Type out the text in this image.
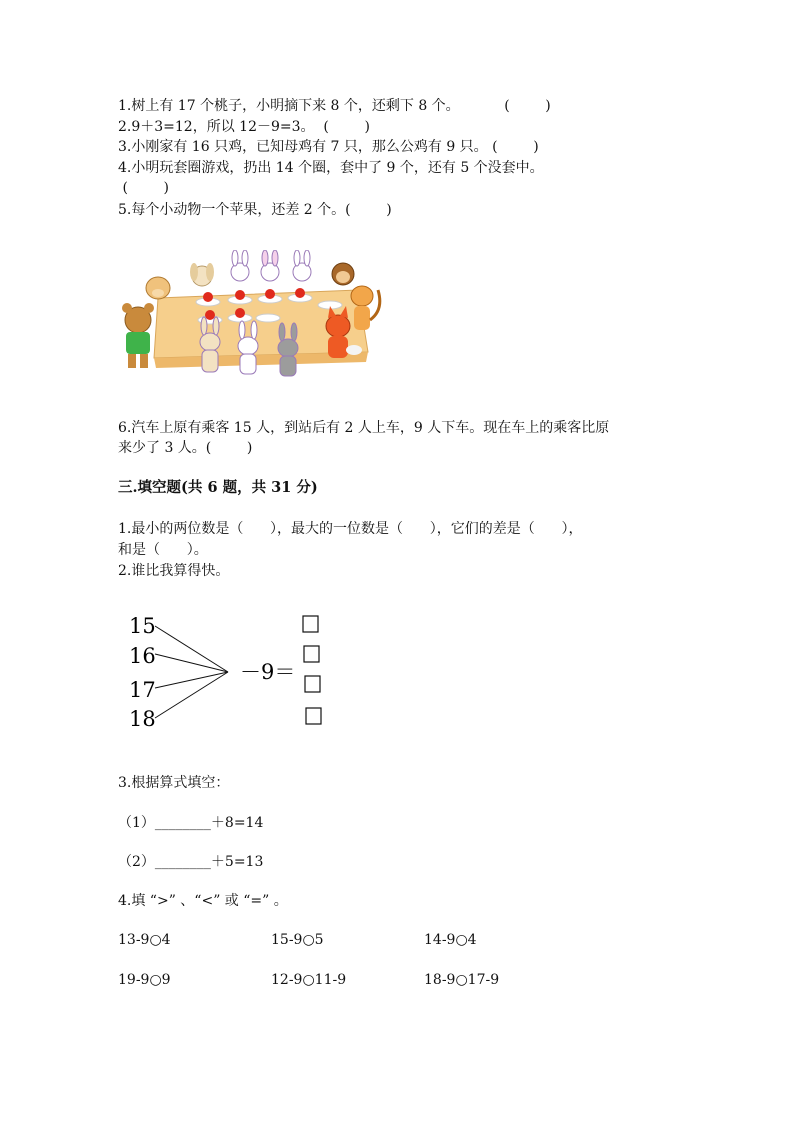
1.树上有 17 个桃子，小明摘下来 8 个，还剩下 8 个。          (        )
2.9＋3=12，所以 12－9=3。  (        )
3.小刚家有 16 只鸡，已知母鸡有 7 只，那么公鸡有 9 只。 (        )
4.小明玩套圈游戏，扔出 14 个圈，套中了 9 个，还有 5 个没套中。
(        )
5.每个小动物一个苹果，还差 2 个。(        )
6.汽车上原有乘客 15 人，到站后有 2 人上车，9 人下车。现在车上的乘客比原
来少了 3 人。(        )
三.填空题(共 6 题，共 31 分)
1.最小的两位数是（      ），最大的一位数是（      ），它们的差是（      ），
和是（      ）。
2.谁比我算得快。
15
16
17
18
－9＝
3.根据算式填空：
（1）________＋8=14
（2）________＋5=13
4.填 “>” 、“<” 或 “=” 。
13-9○4	15-9○5	14-9○4
19-9○9	12-9○11-9	18-9○17-9
